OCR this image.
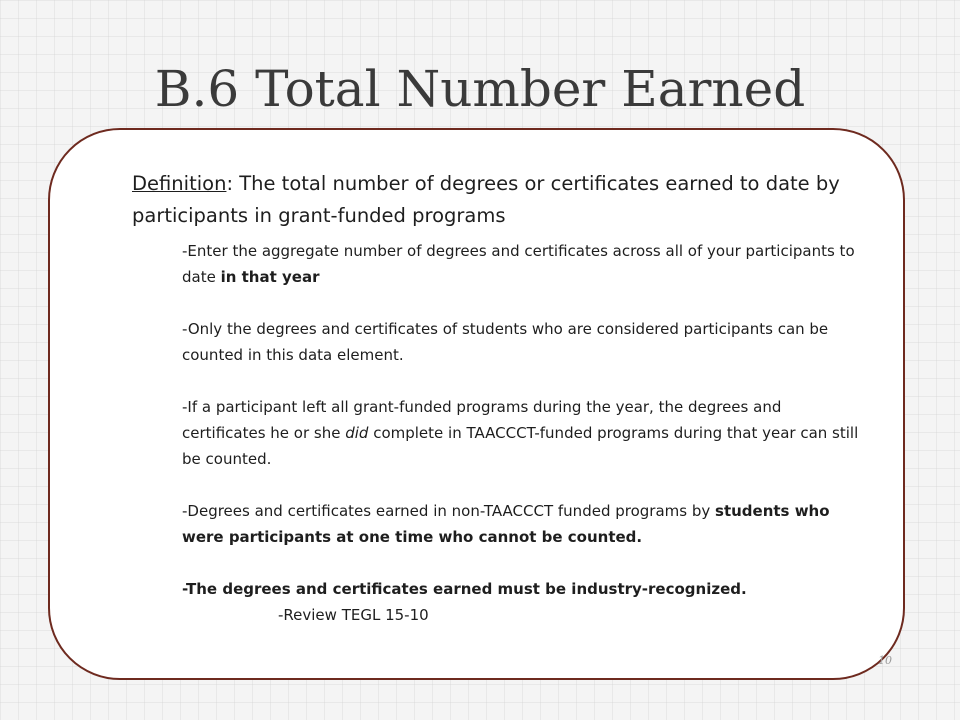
B.6 Total Number Earned
Definition: The total number of degrees or certificates earned to date by participants in grant-funded programs
-Enter the aggregate number of degrees and certificates across all of your participants to date in that year
-Only the degrees and certificates of students who are considered participants can be counted in this data element.
-If a participant left all grant-funded programs during the year, the degrees and certificates he or she did complete in TAACCCT-funded programs during that year can still be counted.
-Degrees and certificates earned in non-TAACCCT funded programs by students who were participants at one time who cannot be counted.
-The degrees and certificates earned must be industry-recognized.
-Review TEGL 15-10
10
